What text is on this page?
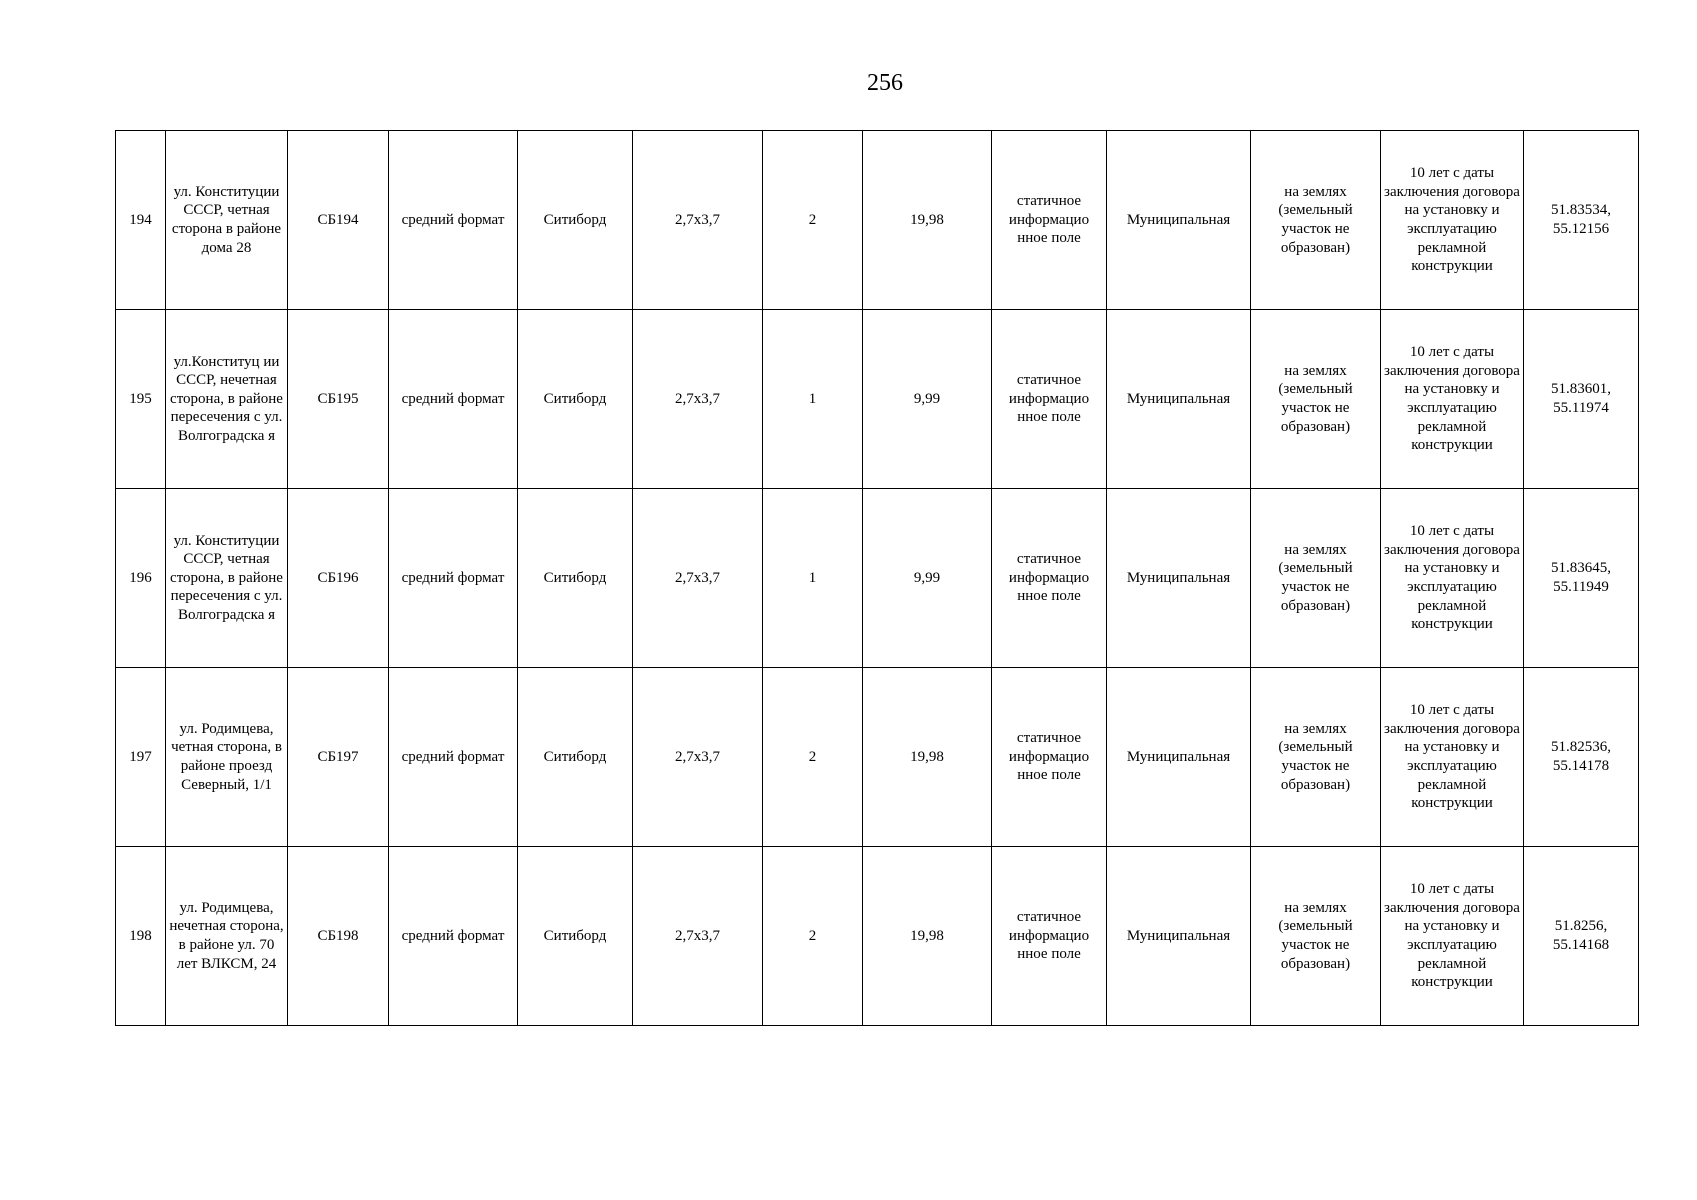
256
194	ул. Конституции СССР, четная сторона в районе дома 28	СБ194	средний формат	Ситиборд	2,7х3,7	2	19,98	статичное информацио нное поле	Муниципальная	на землях (земельный участок не образован)	10 лет с даты заключения договора на установку и эксплуатацию рекламной конструкции	51.83534, 55.12156
195	ул.Конституц ии СССР, нечетная сторона, в районе пересечения с ул. Волгоградска я	СБ195	средний формат	Ситиборд	2,7х3,7	1	9,99	статичное информацио нное поле	Муниципальная	на землях (земельный участок не образован)	10 лет с даты заключения договора на установку и эксплуатацию рекламной конструкции	51.83601, 55.11974
196	ул. Конституции СССР, четная сторона, в районе пересечения с ул. Волгоградска я	СБ196	средний формат	Ситиборд	2,7х3,7	1	9,99	статичное информацио нное поле	Муниципальная	на землях (земельный участок не образован)	10 лет с даты заключения договора на установку и эксплуатацию рекламной конструкции	51.83645, 55.11949
197	ул. Родимцева, четная сторона, в районе проезд Северный, 1/1	СБ197	средний формат	Ситиборд	2,7х3,7	2	19,98	статичное информацио нное поле	Муниципальная	на землях (земельный участок не образован)	10 лет с даты заключения договора на установку и эксплуатацию рекламной конструкции	51.82536, 55.14178
198	ул. Родимцева, нечетная сторона, в районе ул. 70 лет ВЛКСМ, 24	СБ198	средний формат	Ситиборд	2,7х3,7	2	19,98	статичное информацио нное поле	Муниципальная	на землях (земельный участок не образован)	10 лет с даты заключения договора на установку и эксплуатацию рекламной конструкции	51.8256, 55.14168
